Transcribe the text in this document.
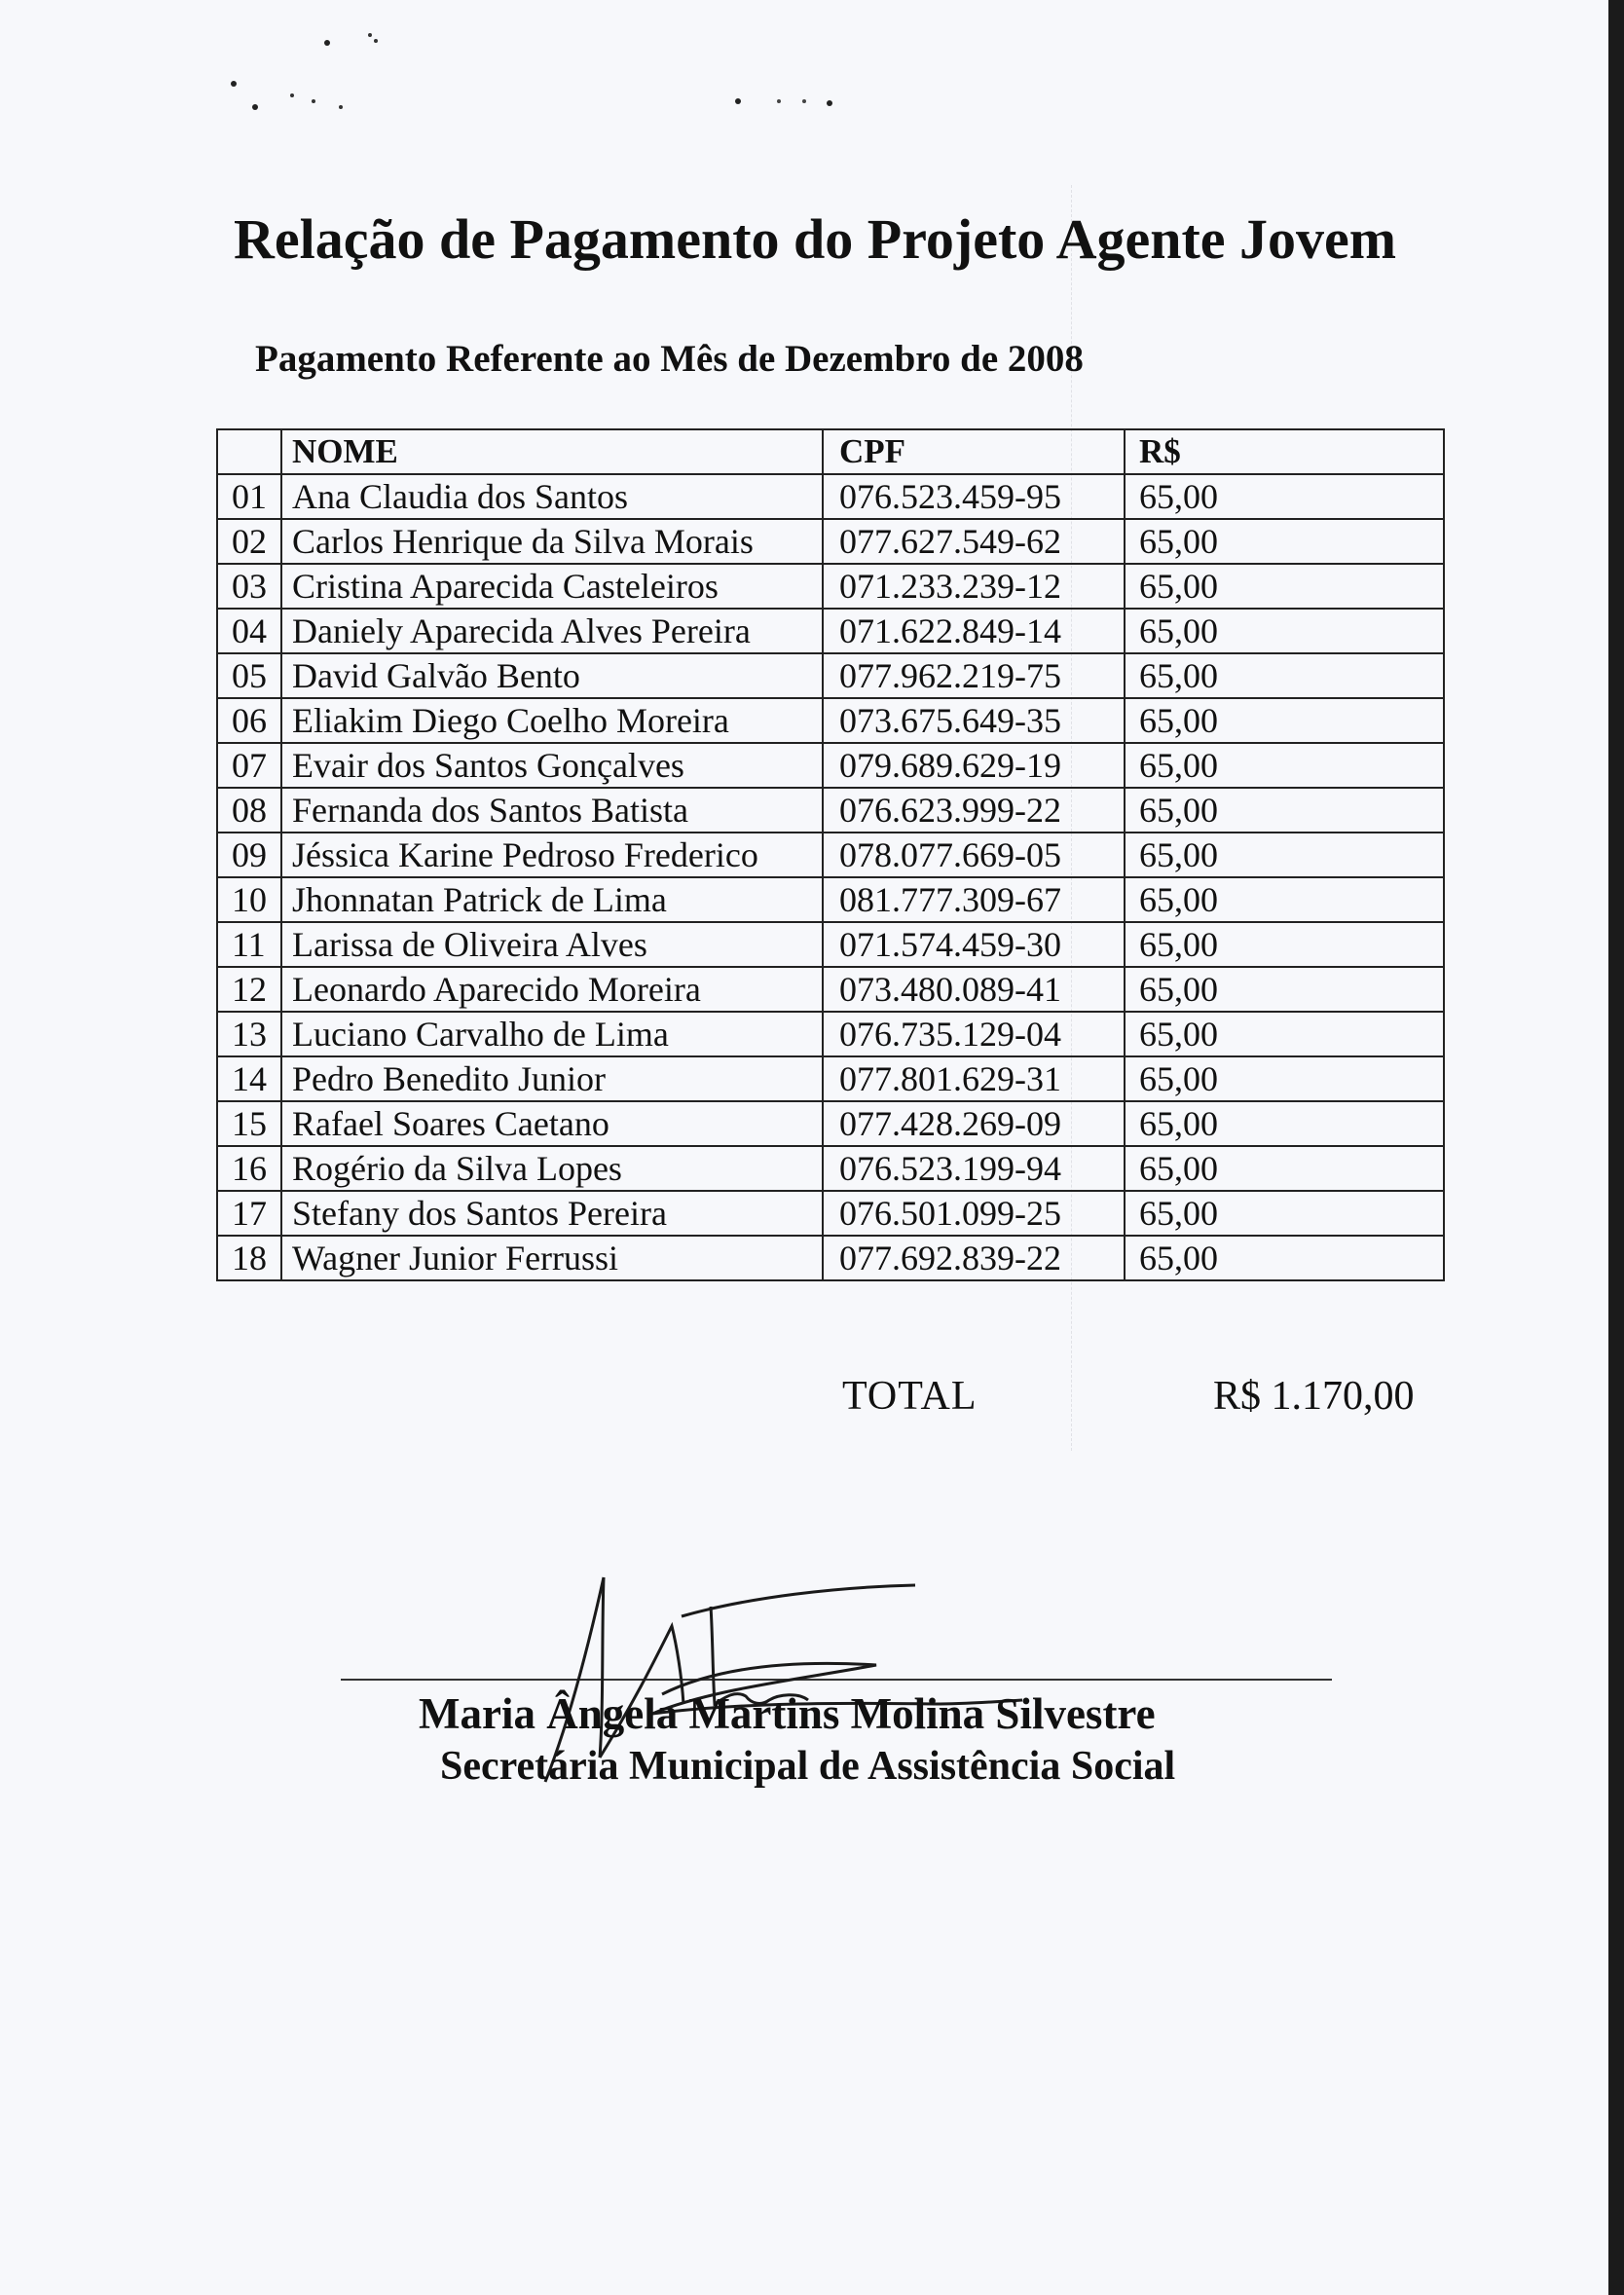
Relação de Pagamento do Projeto Agente Jovem
Pagamento Referente ao Mês de Dezembro de 2008
	NOME	CPF	R$
01	Ana Claudia dos Santos	076.523.459-95	65,00
02	Carlos Henrique da Silva Morais	077.627.549-62	65,00
03	Cristina Aparecida Casteleiros	071.233.239-12	65,00
04	Daniely Aparecida Alves Pereira	071.622.849-14	65,00
05	David Galvão Bento	077.962.219-75	65,00
06	Eliakim Diego Coelho Moreira	073.675.649-35	65,00
07	Evair dos Santos Gonçalves	079.689.629-19	65,00
08	Fernanda dos Santos Batista	076.623.999-22	65,00
09	Jéssica Karine Pedroso Frederico	078.077.669-05	65,00
10	Jhonnatan Patrick de Lima	081.777.309-67	65,00
11	Larissa de Oliveira Alves	071.574.459-30	65,00
12	Leonardo Aparecido Moreira	073.480.089-41	65,00
13	Luciano Carvalho de Lima	076.735.129-04	65,00
14	Pedro Benedito Junior	077.801.629-31	65,00
15	Rafael Soares Caetano	077.428.269-09	65,00
16	Rogério da Silva Lopes	076.523.199-94	65,00
17	Stefany dos Santos Pereira	076.501.099-25	65,00
18	Wagner Junior Ferrussi	077.692.839-22	65,00
TOTAL	R$ 1.170,00

Maria Ângela Martins Molina Silvestre

Secretária Municipal de Assistência Social
